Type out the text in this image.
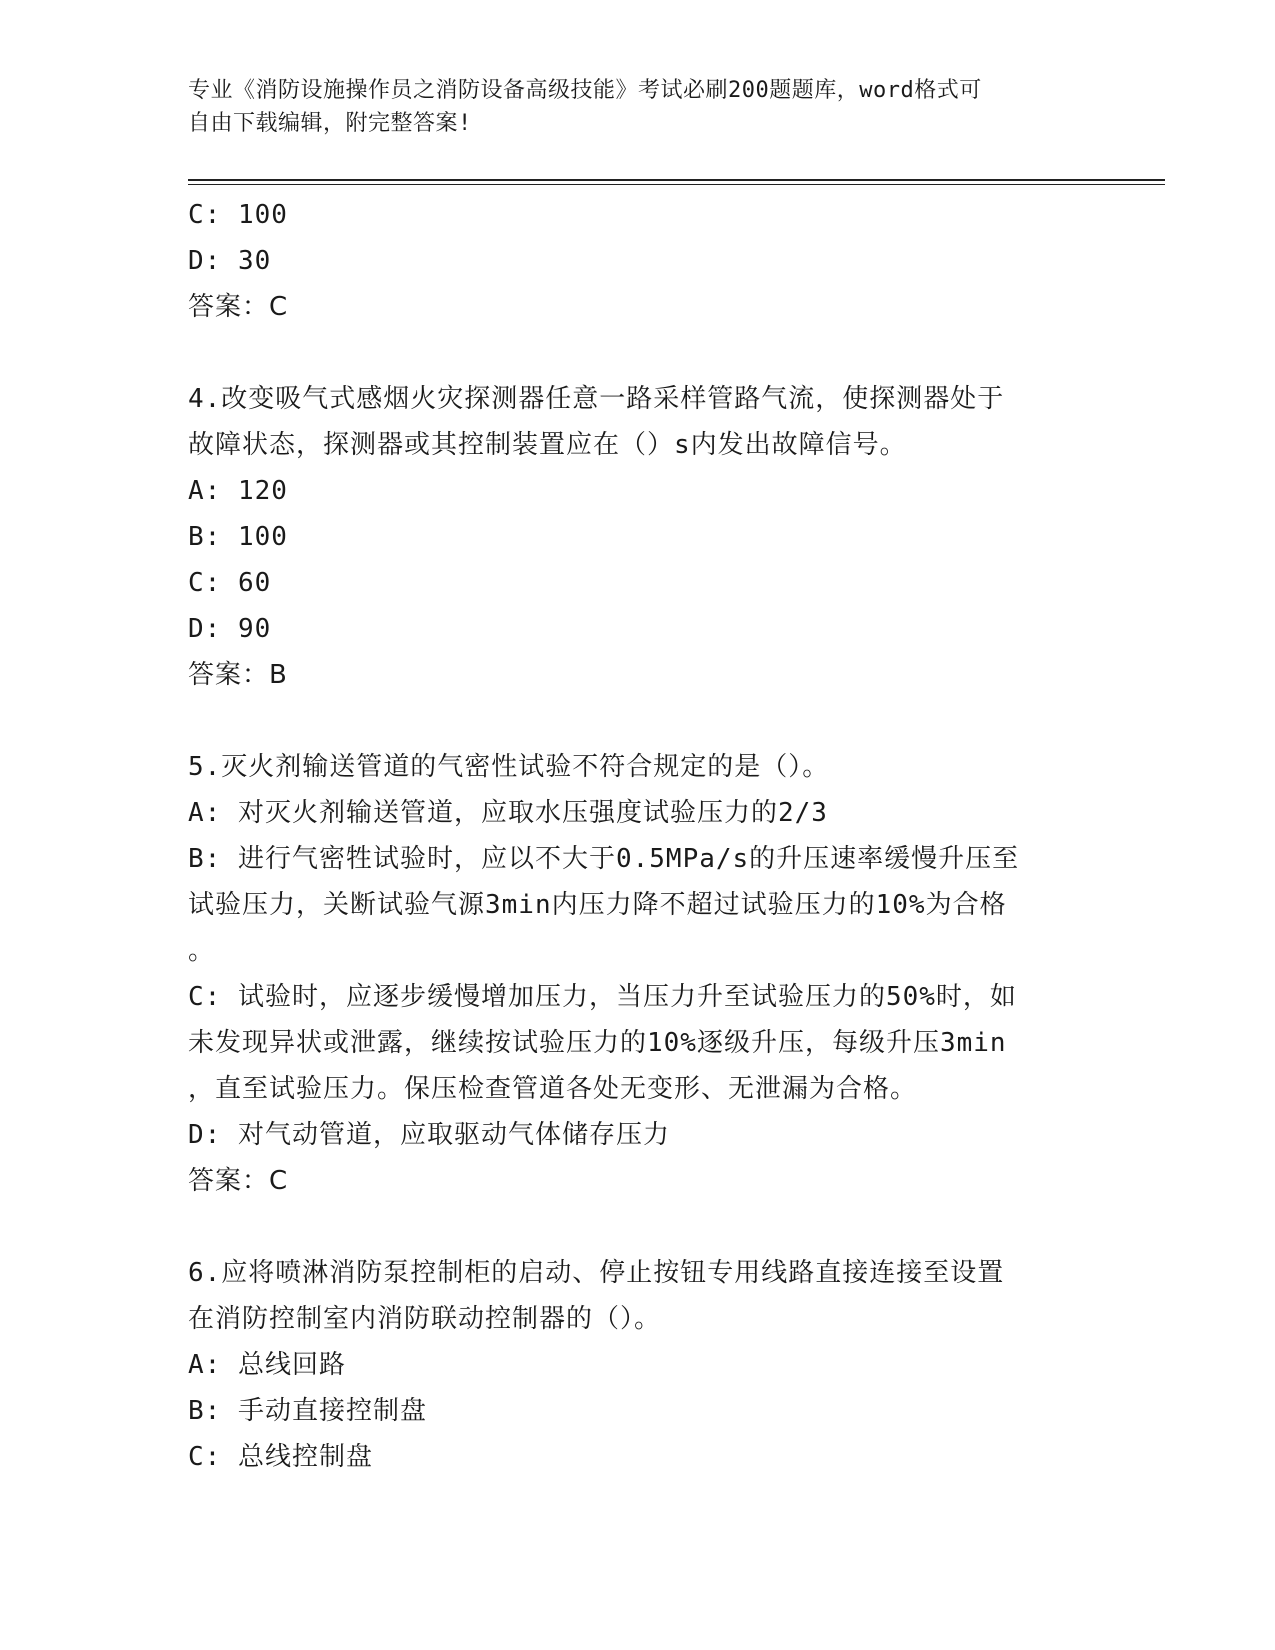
专业《消防设施操作员之消防设备高级技能》考试必刷200题题库，word格式可
自由下载编辑，附完整答案!

C: 100

D: 30

答案：C

4.改变吸气式感烟火灾探测器任意一路采样管路气流，使探测器处于

故障状态，探测器或其控制装置应在（）s内发出故障信号。

A: 120

B: 100

C: 60

D: 90

答案：B

5.灭火剂输送管道的气密性试验不符合规定的是（）。

A: 对灭火剂输送管道，应取水压强度试验压力的2/3

B: 进行气密牲试验时，应以不大于0.5MPa/s的升压速率缓慢升压至

试验压力，关断试验气源3min内压力降不超过试验压力的10%为合格

。

C: 试验时，应逐步缓慢增加压力，当压力升至试验压力的50%时，如

未发现异状或泄露，继续按试验压力的10%逐级升压，每级升压3min

，直至试验压力。保压检查管道各处无变形、无泄漏为合格。

D: 对气动管道，应取驱动气体储存压力

答案：C

6.应将喷淋消防泵控制柜的启动、停止按钮专用线路直接连接至设置

在消防控制室内消防联动控制器的（）。

A: 总线回路

B: 手动直接控制盘

C: 总线控制盘
